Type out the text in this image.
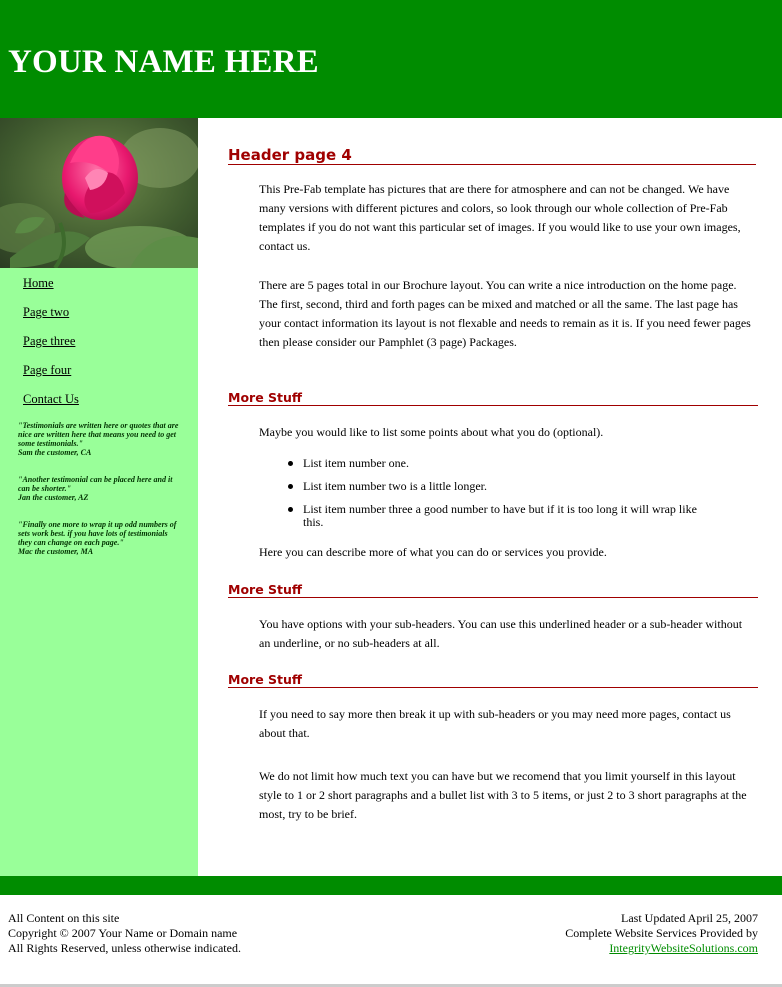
YOUR NAME HERE
Home
Page two
Page three
Page four
Contact Us
"Testimonials are written here or quotes that are nice are written here that means you need to get some testimonials."
Sam the customer, CA
"Another testimonial can be placed here and it can be shorter."
Jan the customer, AZ
"Finally one more to wrap it up odd numbers of sets work best. if you have lots of testimonials they can change on each page."
Mac the customer, MA
Header page 4

This Pre-Fab template has pictures that are there for atmosphere and can not be changed. We have many versions with different pictures and colors, so look through our whole collection of Pre-Fab templates if you do not want this particular set of images. If you would like to use your own images, contact us.

There are 5 pages total in our Brochure layout. You can write a nice introduction on the home page. The first, second, third and forth pages can be mixed and matched or all the same. The last page has your contact information its layout is not flexable and needs to remain as it is. If you need fewer pages then please consider our Pamphlet (3 page) Packages.

More Stuff

Maybe you would like to list some points about what you do (optional).

List item number one.
List item number two is a little longer.
List item number three a good number to have but if it is too long it will wrap like this.

Here you can describe more of what you can do or services you provide.

More Stuff

You have options with your sub-headers. You can use this underlined header or a sub-header without an underline, or no sub-headers at all.

More Stuff

If you need to say more then break it up with sub-headers or you may need more pages, contact us about that.

We do not limit how much text you can have but we recomend that you limit yourself in this layout style to 1 or 2 short paragraphs and a bullet list with 3 to 5 items, or just 2 to 3 short paragraphs at the most, try to be brief.

All Content on this site
Copyright © 2007 Your Name or Domain name
All Rights Reserved, unless otherwise indicated.
Last Updated April 25, 2007
Complete Website Services Provided by
IntegrityWebsiteSolutions.com
